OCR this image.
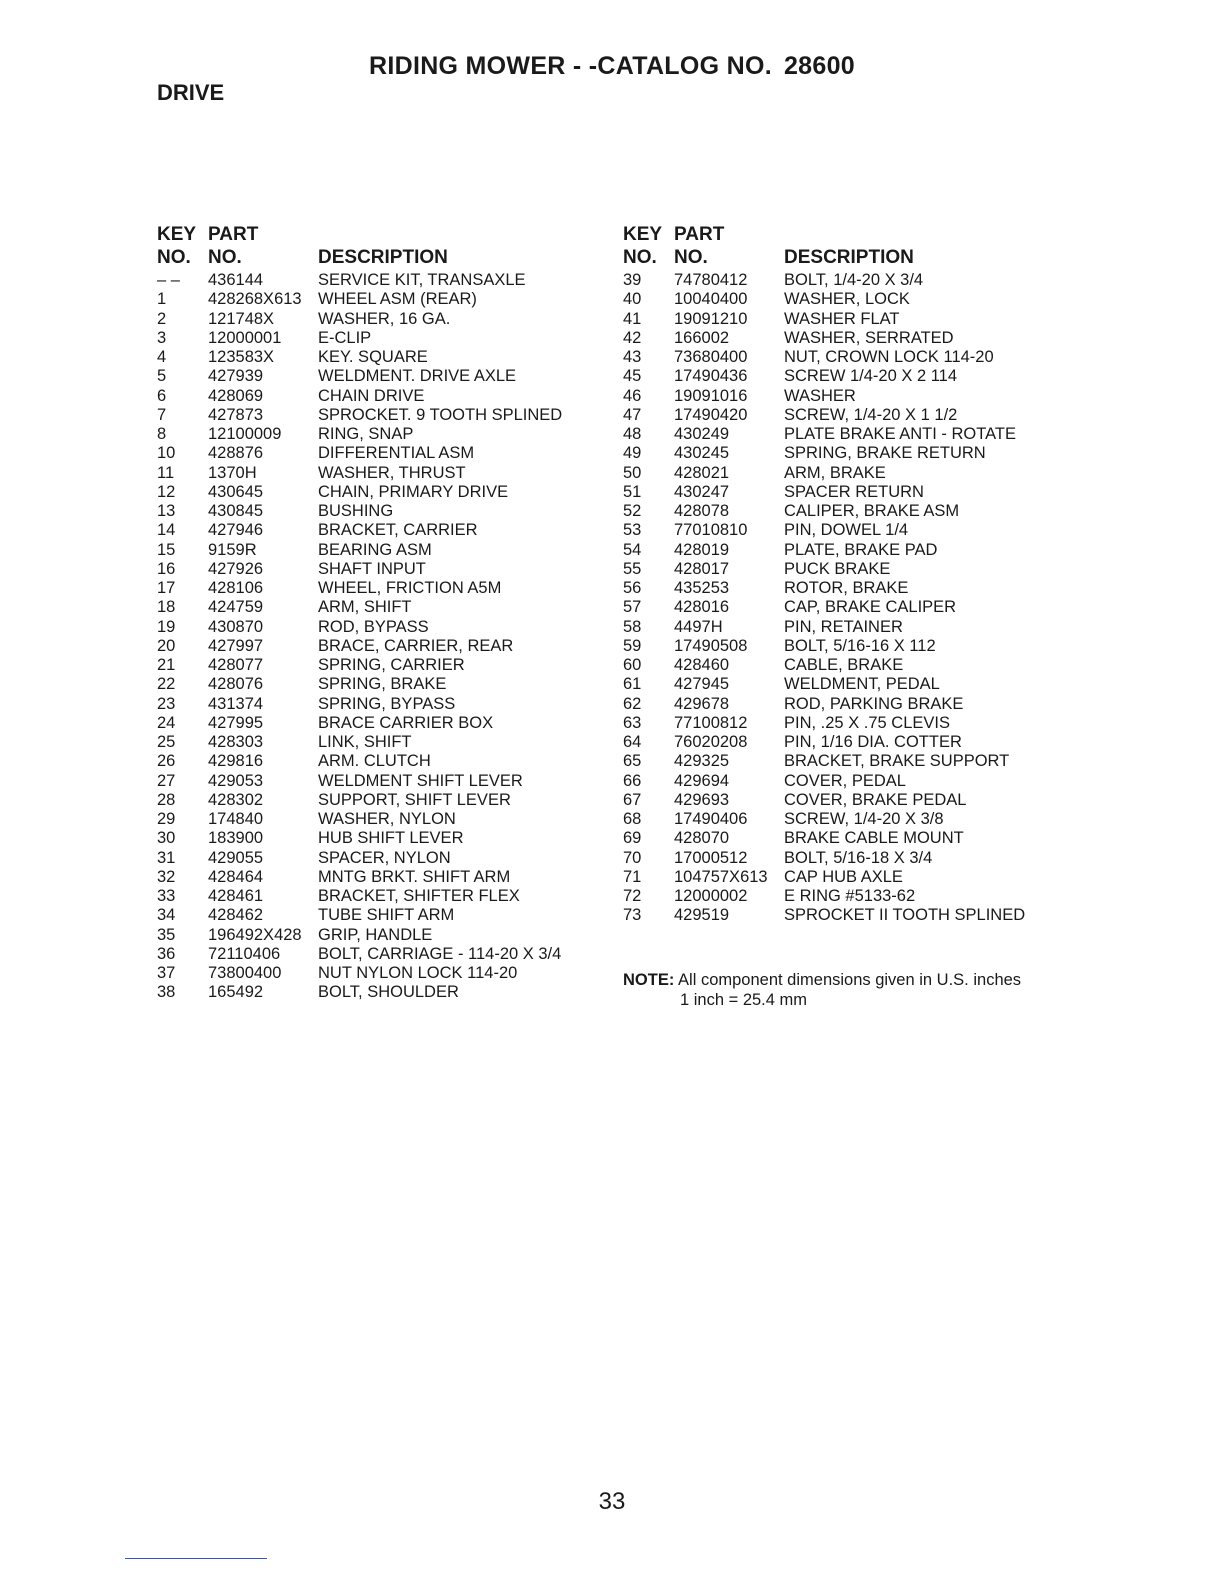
RIDING MOWER - -CATALOG NO. 28600
DRIVE
KEY
NO.
PART
NO.	DESCRIPTION
– – 436144	SERVICE KIT, TRANSAXLE
1	428268X613 WHEEL ASM (REAR)
2	121748X	WASHER, 16 GA.
3	12000001 E-CLIP
4	123583X	KEY. SQUARE
5	427939	WELDMENT. DRIVE AXLE
6	428069	CHAIN DRIVE
7	427873	SPROCKET. 9 TOOTH SPLINED
8	12100009 RING, SNAP
10 428876	DIFFERENTIAL ASM
11 1370H	WASHER, THRUST
12 430645	CHAIN, PRIMARY DRIVE
13 430845	BUSHING
14 427946	BRACKET, CARRIER
15 9159R	BEARING ASM
16 427926	SHAFT INPUT
17 428106	WHEEL, FRICTION A5M
18 424759	ARM, SHIFT
19 430870	ROD, BYPASS
20 427997	BRACE, CARRIER, REAR
21 428077	SPRING, CARRIER
22 428076	SPRING, BRAKE
23 431374	SPRING, BYPASS
24 427995	BRACE CARRIER BOX
25 428303	LINK, SHIFT
26 429816	ARM. CLUTCH
27 429053	WELDMENT SHIFT LEVER
28 428302	SUPPORT, SHIFT LEVER
29 174840	WASHER, NYLON
30 183900	HUB SHIFT LEVER
31 429055	SPACER, NYLON
32 428464	MNTG BRKT. SHIFT ARM
33 428461	BRACKET, SHIFTER FLEX
34 428462	TUBE SHIFT ARM
35 196492X428 GRIP, HANDLE
36 72110406 BOLT, CARRIAGE - 114-20 X 3/4
37 73800400 NUT NYLON LOCK 114-20
38 165492	BOLT, SHOULDER
KEY
NO.
PART
NO.	DESCRIPTION
39 74780412 BOLT, 1/4-20 X 3/4
40 10040400 WASHER, LOCK
41 19091210 WASHER FLAT
42 166002	WASHER, SERRATED
43 73680400 NUT, CROWN LOCK 114-20
45 17490436 SCREW 1/4-20 X 2 114
46 19091016 WASHER
47 17490420 SCREW, 1/4-20 X 1 1/2
48 430249	PLATE BRAKE ANTI - ROTATE
49 430245	SPRING, BRAKE RETURN
50 428021	ARM, BRAKE
51 430247	SPACER RETURN
52 428078	CALIPER, BRAKE ASM
53 77010810 PIN, DOWEL 1/4
54 428019	PLATE, BRAKE PAD
55 428017	PUCK BRAKE
56 435253	ROTOR, BRAKE
57 428016	CAP, BRAKE CALIPER
58 4497H	PIN, RETAINER
59 17490508 BOLT, 5/16-16 X 112
60 428460	CABLE, BRAKE
61 427945	WELDMENT, PEDAL
62 429678	ROD, PARKING BRAKE
63 77100812 PIN, .25 X .75 CLEVIS
64 76020208 PIN, 1/16 DIA. COTTER
65 429325	BRACKET, BRAKE SUPPORT
66 429694	COVER, PEDAL
67 429693	COVER, BRAKE PEDAL
68 17490406 SCREW, 1/4-20 X 3/8
69 428070	BRAKE CABLE MOUNT
70 17000512 BOLT, 5/16-18 X 3/4
71 104757X613 CAP HUB AXLE
72 12000002 E RING #5133-62
73 429519	SPROCKET II TOOTH SPLINED
NOTE: All component dimensions given in U.S. inches
1 inch = 25.4 mm
33
